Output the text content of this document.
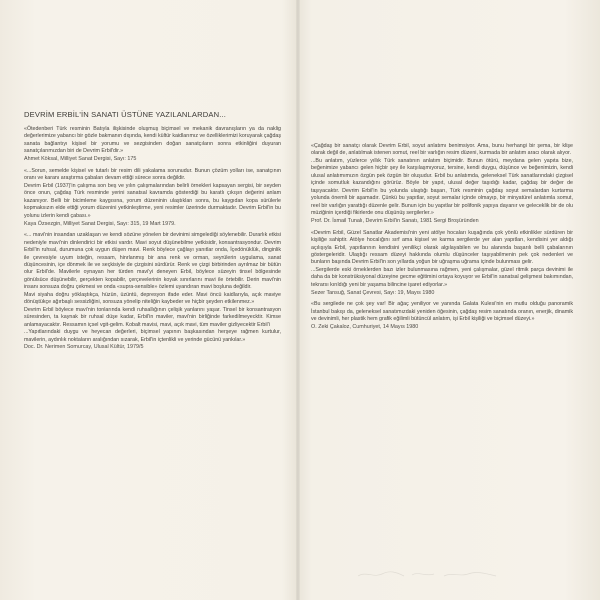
DEVRİM ERBİL'İN SANATI ÜSTÜNE YAZILANLARDAN...

«Ötedenberi Türk resminin Batıyla ilişkisinde oluşmuş biçimsel ve mekanik davranışların ya da naklig değerlerimize yabancı bir gözle bakmanın dışında, kendi kültür kaidlarımız ve özelliklerimizi koruyarak çağdaş sanata bağlantıyı kişisel bir yorumu ve sezgisinden doğan sanatçıların sonra etkinliğini duyuran sanatçılarımızdan biri de Devrim Erbil'dir.»

Ahmet Köksal, Milliyet Sanat Dergisi, Sayı: 175

«...Sorun, semelde kişisel ve tutarlı bir resim dili yakalama sorunudur. Bunun çözüm yolları ise, sanatçının oranı ve karanı araştırma çabaları devam ettiği sürece sonra değildir.
Devrim Erbil (1937)'in çalışma son beş ve yılın çalışmalarından belirli örnekleri kapsayan sergisi, bir seyden önce onun, çağdaş Türk resminde yerini sanatsal kavramda gösterdiği bu karatlı çıkışın değerini anlam kazanıyor. Belli bir bicimleme kaygısına, yorum düzeninin ulaştıkları sonra, bu kaygıdan kopa sürülerle kopmaksızın elde ettiği yorum düzenini yetkinleştirme, yeni resimler üzerinde durmaktadır. Devrim Erbil'in bu yolunu izlerin kendi çabası.»

Kaya Özsezgin, Milliyet Sanat Dergisi, Sayı: 315, 19 Mart 1979.

«... mavi'nin insandan uzaklaşan ve kendi sözüne yönelen bir devinimi simgelediği söylenebilir. Durarlık etkisi nedeniyle mavi'nin dinlendirici bir etkisi vardır. Mavi soyut düşünebilme yetkisidir, konsantrasyondur. Devrim Erbil'in ruhsal, durumuna çok uygun düşen mavi. Renk böylece çağlayı yanıtlar onda, İçedönüklük, dinginlik ile çevresiyle uyum isteğin, ressam, hinrlanmış bir ana renk ve orman, seyrülerin uygulama, sanat düşüncesinin, içe dönmek ile ve seçkisiyle de çizgisini sürdürür. Renk ve çizgi birbirinden ayrılmaz bir bütün olur Erbil'de. Mavilerle oynayan her türden mavi'yi deneyen Erbil, böylece süzeyin tinsel bölgesinde gönülsüce düşünebilir, gerçekten kopabilir, çerçevelerinin koyak sınırlarını mavi ile örtebilir. Derin mavi'nin insanı sonsuza doğru çekmesi ve onda «supra-sensible» özlemi uyandıran mavi boşluna değildir.
Mavi siyaha doğru yöklaştıkça, hüzün, üzüntü, depresyon ifade eder. Mavi öncü kaidlarıyla, açık maviye dönüştükçe ağırbaşlı sessizliğini, sonsuza yönelip niteliğin kaybeder ve hiçbir şeyden etkilenmez.»
Devrim Erbil böylece mavi'nin tonlarında kendi ruhsallığının çelişik yanlarını yaşar. Tinsel bir konsantrasyon süresinden, ta kaynak bir ruhsal düşe kadar, Erbil'in maviler, mavi'nin birliğinde farkedilmeyecktir. Kimse anlamayacaktır. Ressamın içsel vgit-gelim. Kobalt mavisi, mavi, açık mavi, tüm maviler gizliyecektir Erbil'i
...Yapıtlarındaki duygu ve heyecan değerleri, biçimsel yapının başkasından herşeye rağmen kurtulur, mavilerin, aydınlık noktaların aralığından sızarak, Erbil'in içtenlikli ve yerinde gücünü yankılar.»

Doc. Dr. Nerimen Somurcay, Ulusal Kültür, 1979/5

«Çağdaş bir sanatçı olarak Devrim Erbil, soyut anlatımı benimsiyor. Ama, bunu herhangi bir şema, bir klişe olarak değil de, anlatılmak istenen somut, reel bir varlığın resim düzeni, kurmada bir anlatım aracı olarak alıyor.
...Bu anlatım, yüzlerce yıllık Türk sanatının anlatım biçimidir. Bunun ötürü, meydana gelen yapıta bize, beğenimize yabancı gelen hiçbir şey ile karşılaşmıyoruz, tersine, kendi duygu, düşünce ve beğenimizin, kendi ulusal anlatımımızın özgün pek özgün bir oluşudur. Erbil bu anlatımda, geleneksel Türk sanatlarındaki çizgisel içinde somutluk kazandığını görürüz. Böyle bir yapıt, ulusal değer taşıdığı kadar, çağdaş bir değer de taşıyacaktır. Devrim Erbil'in bu yolunda ulaştığı başarı, Türk resminin çağdaş soyut semalardan kurtarma yolunda önemli bir aşamadır. Çünkü bu yapıtlar, soyut semalar içinde olmayıp, bir minyatürel anlatımla somut, reel bir varlığın yarattığı düzenle gelir. Bunun için bu yapıtlar bir polifonik yapıya dayanır ve geleceklik bir de olu müziğinin içerdiği fikirlerde onu düşünüş sergilerler.»

Prof. Dr. İsmail Tunalı, Devrim Erbil'in Sanatı, 1981 Sergi Broşüründen

«Devrim Erbil, Güzel Sanatlar Akademisi'nin yeni atölye hocaları kuşağında çok yönlü etkinlikler sürdüren bir kişiliğe sahiptir. Atölye hocalığını sırf ama kişisel ve karma sergilerde yer alan yapıtları, kendisini yer aldığı açılışıyla Erbil, yapıtlarının kendisini yenilikçi olarak algılayabilen ve bu alanında başarılı belli çabalarının göstergeleridir. Ulaştığı ressam düzeyi hakkında olumlu düşünceler taşıyabilmenin pek çok nedenleri ve bunların başında Devrim Erbil'in son yıllarda yoğun bir uğraşma uğrama içinde bulunması gelir.
...Sergilerde eski örneklerden bazı izler bulunmasına rağmen, yeni çalışmalar, güzel ritmik parça devinimi ile daha da bir konstrüksiyonal düzeyine gecme eğitimini ortaya koyuyor ve Erbil'in sanatsal gelişmesi bakımından, tekrarsı kırıldığı yeni bir yaşama bilincine işaret ediyorlar.»

Sezer Tansuğ, Sanat Çevresi, Sayı: 19, Mayıs 1980

«Bu sergilede ne çok şey var! Bir ağaç yeniliyor ve yanında Galata Kulesi'nin en mutlu olduğu panoramik İstanbul bakışı da, geleneksel sanatımızdaki yeniden öğesinin, çağdaş resim sanatında oranın, enerjik, dinamik ve devinimli, her plastik hem grafik eğilimli bütüncül anlatım, işi Erbil kişiliği ve biçimsel düzeyi.»

O. Zeki Çakaloz, Cumhuriyet, 14 Mayıs 1980
